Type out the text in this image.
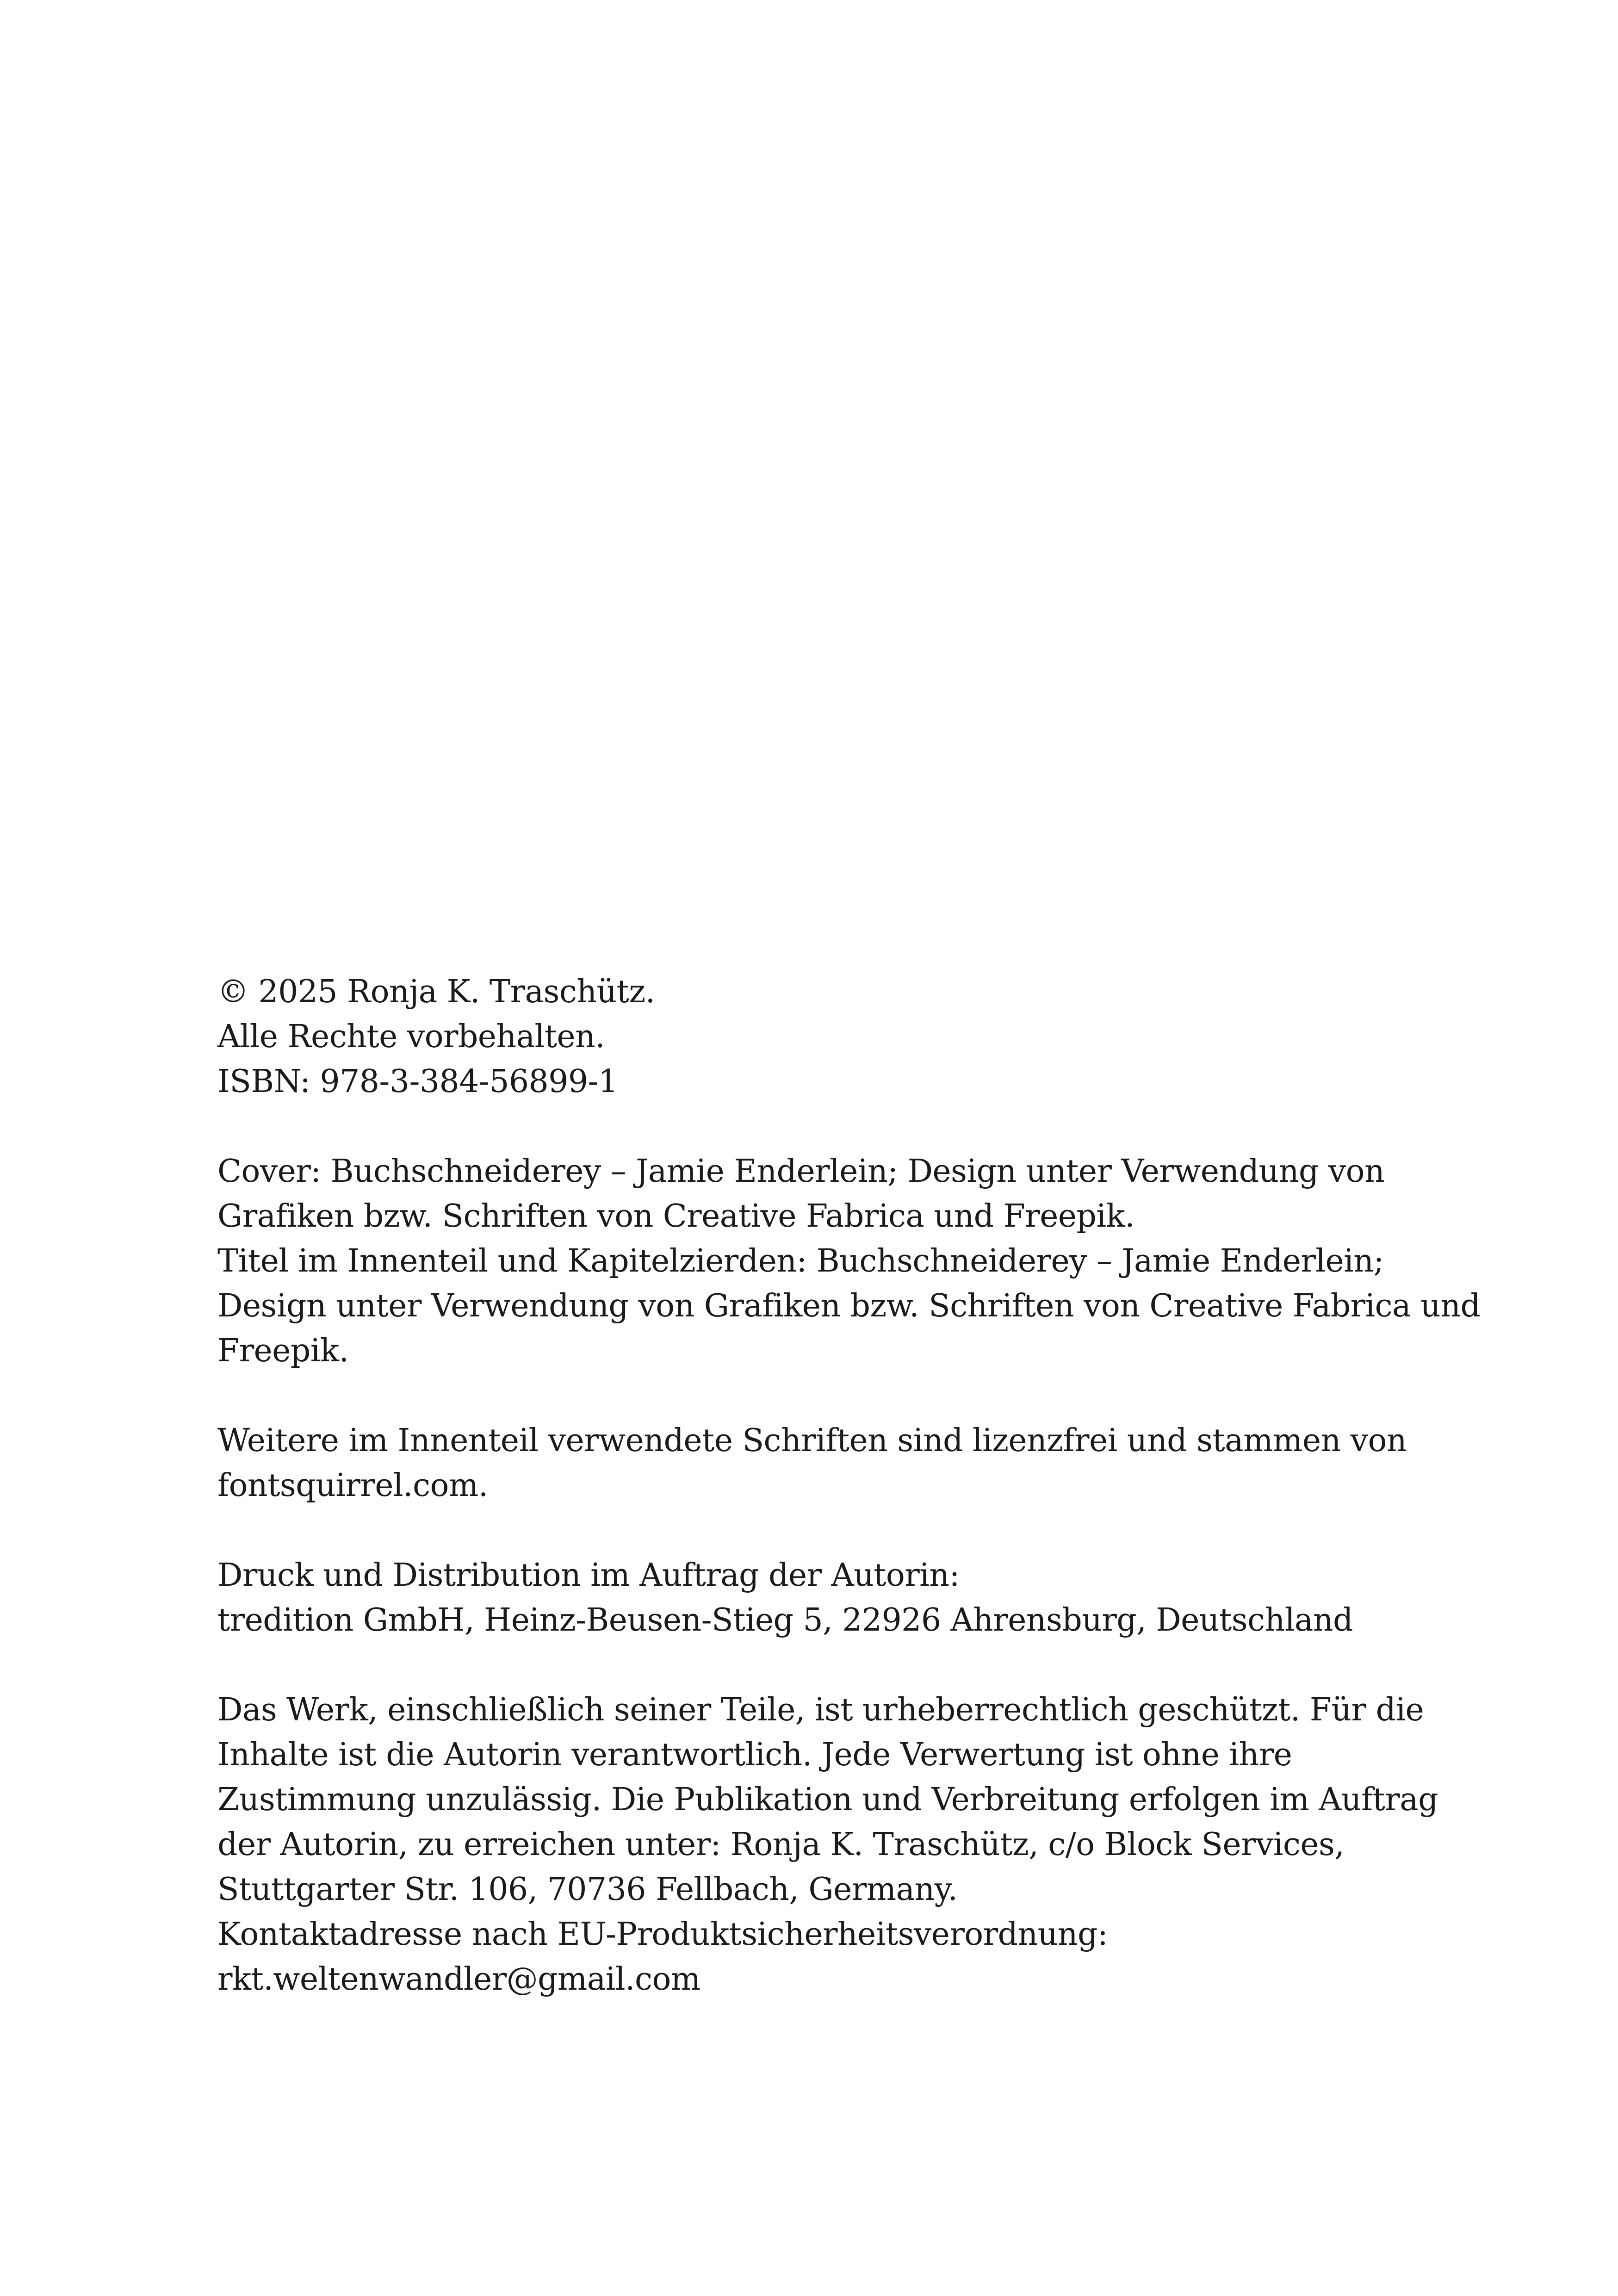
© 2025 Ronja K. Traschütz.
Alle Rechte vorbehalten.
ISBN: 978-3-384-56899-1
Cover: Buchschneiderey – Jamie Enderlein; Design unter Verwendung von
Grafiken bzw. Schriften von Creative Fabrica und Freepik.
Titel im Innenteil und Kapitelzierden: Buchschneiderey – Jamie Enderlein;
Design unter Verwendung von Grafiken bzw. Schriften von Creative Fabrica und
Freepik.
Weitere im Innenteil verwendete Schriften sind lizenzfrei und stammen von
fontsquirrel.com.
Druck und Distribution im Auftrag der Autorin:
tredition GmbH, Heinz-Beusen-Stieg 5, 22926 Ahrensburg, Deutschland
Das Werk, einschließlich seiner Teile, ist urheberrechtlich geschützt. Für die
Inhalte ist die Autorin verantwortlich. Jede Verwertung ist ohne ihre
Zustimmung unzulässig. Die Publikation und Verbreitung erfolgen im Auftrag
der Autorin, zu erreichen unter: Ronja K. Traschütz, c/o Block Services,
Stuttgarter Str. 106, 70736 Fellbach, Germany.
Kontaktadresse nach EU-Produktsicherheitsverordnung:
rkt.weltenwandler@gmail.com
